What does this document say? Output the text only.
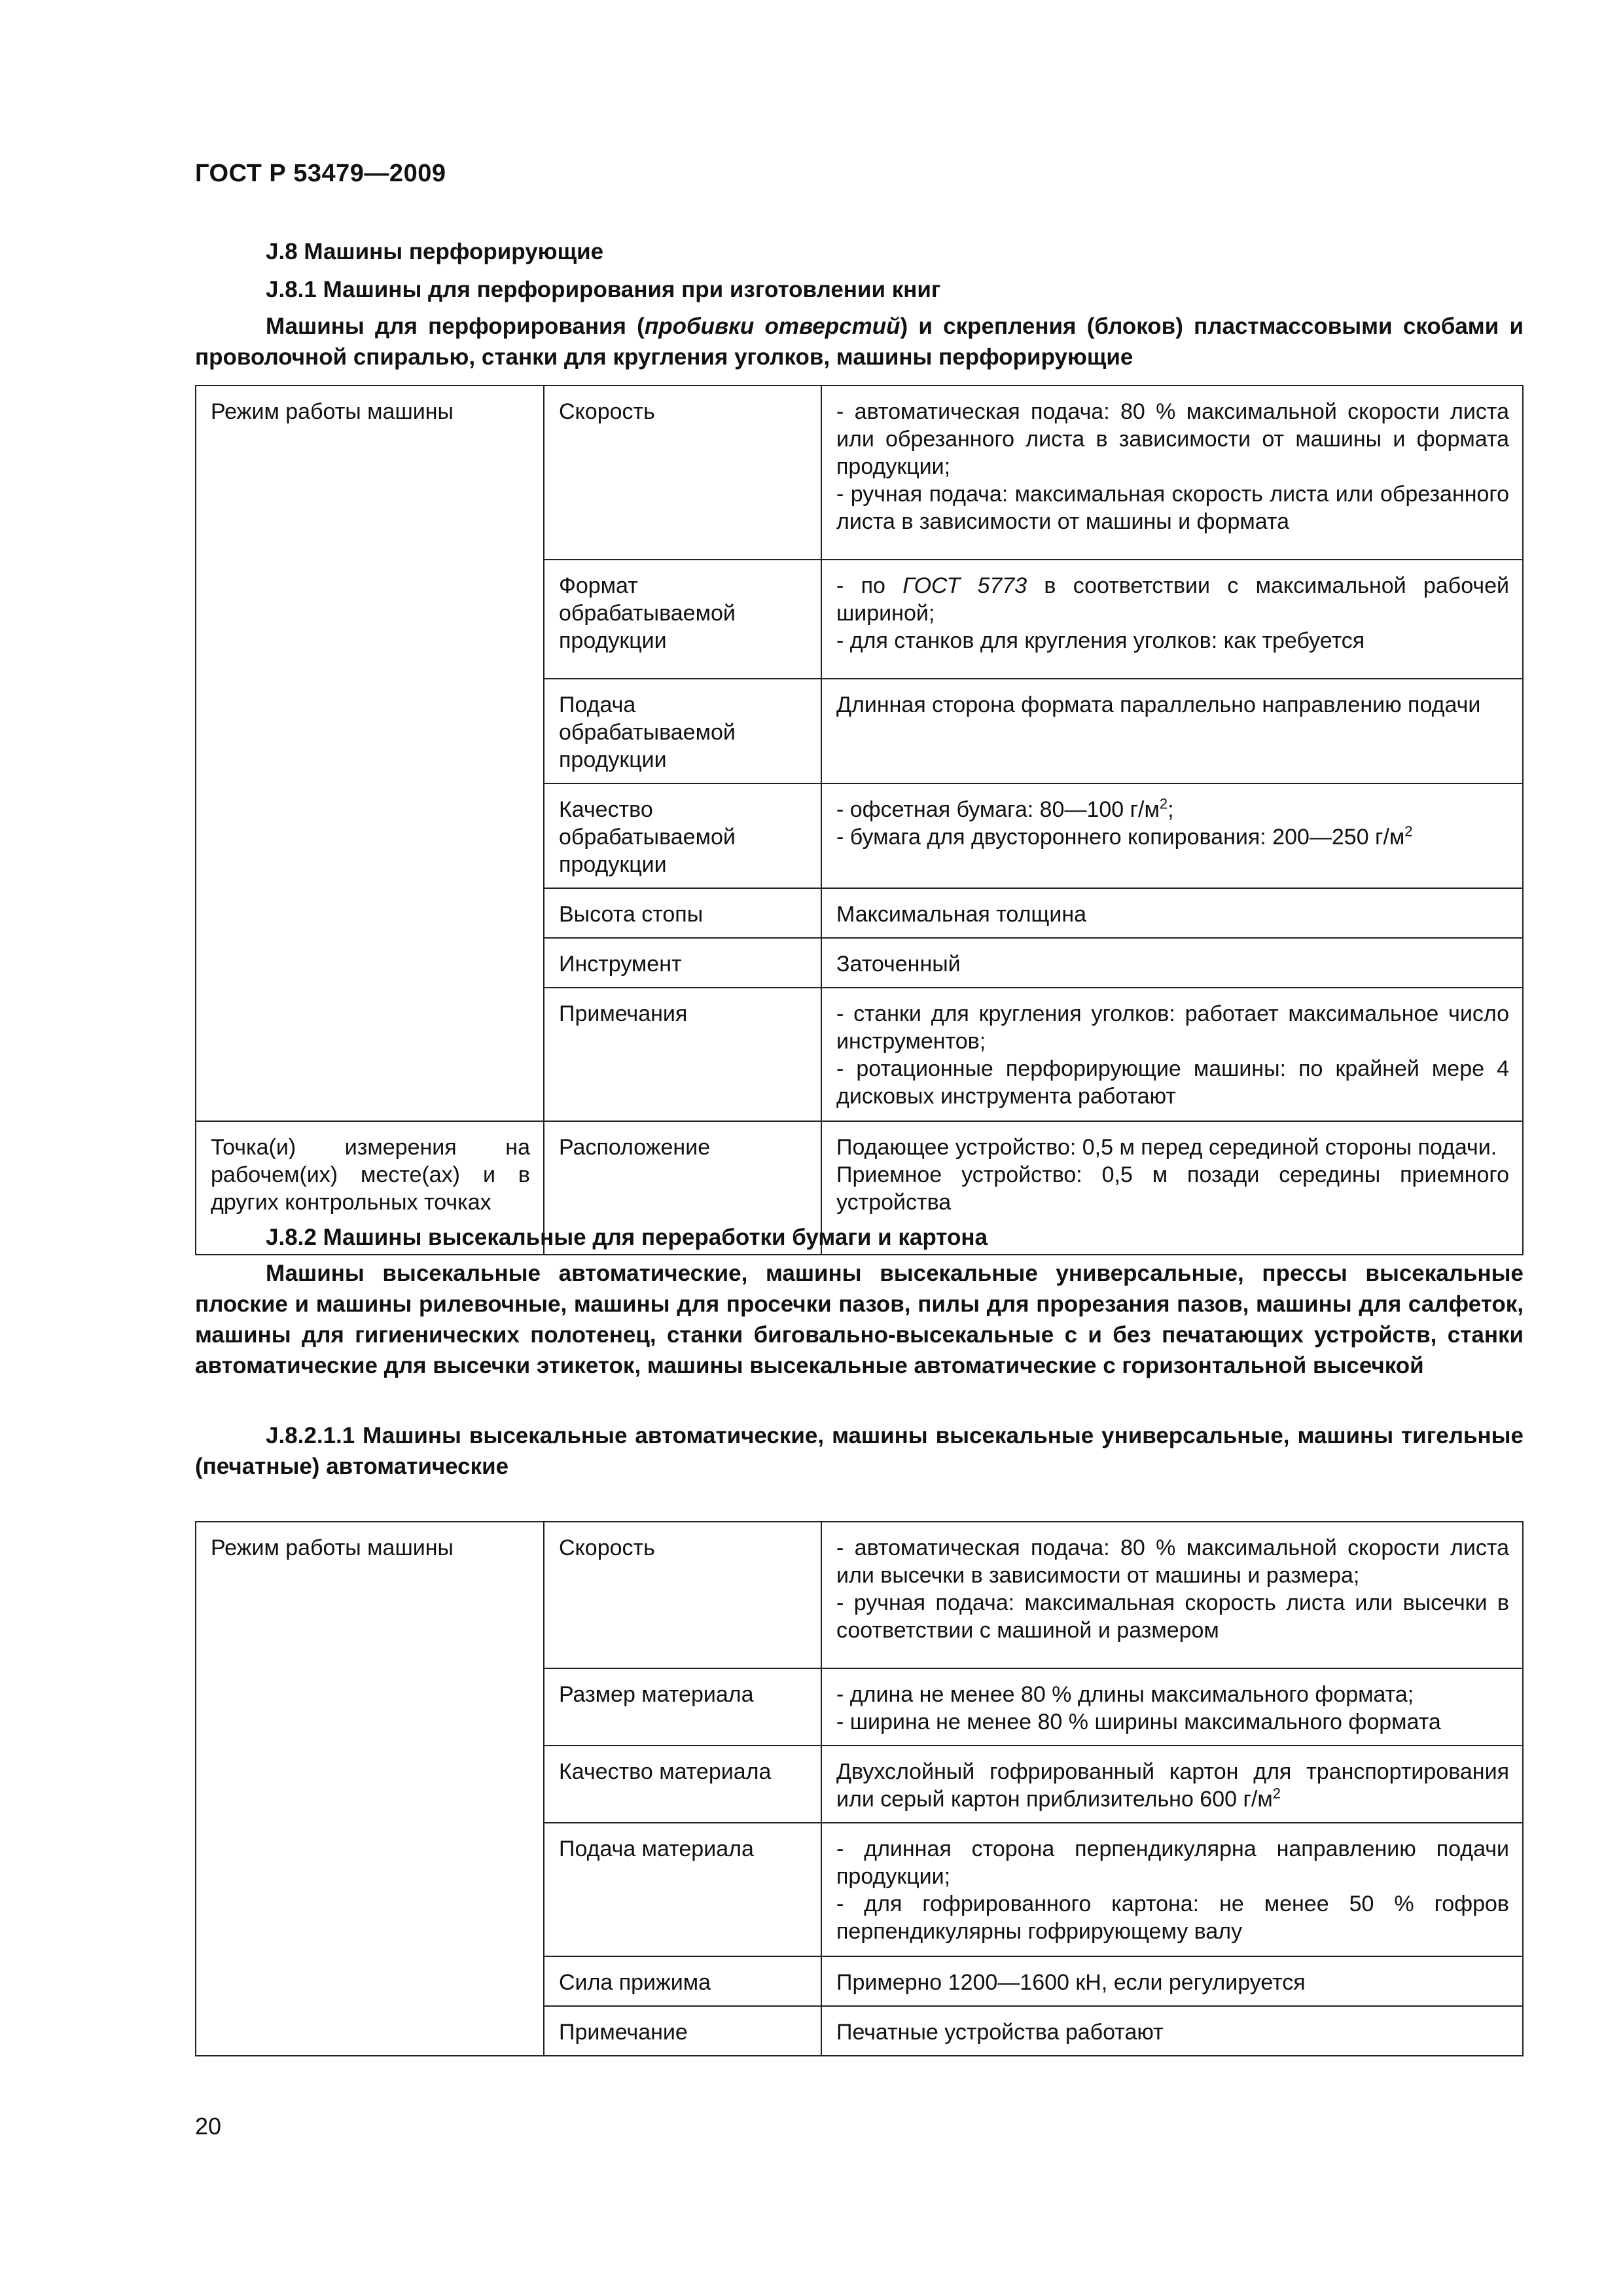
ГОСТ Р 53479—2009
J.8 Машины перфорирующие
J.8.1 Машины для перфорирования при изготовлении книг
Машины для перфорирования (пробивки отверстий) и скрепления (блоков) пластмассовыми скобами и проволочной спиралью, станки для кругления уголков, машины перфорирующие
Режим работы машины	Скорость	- автоматическая подача: 80 % максимальной скорости листа или обрезанного листа в зависимости от машины и формата продукции;
- ручная подача: максимальная скорость листа или обрезанного листа в зависимости от машины и формата

	Формат обрабатываемой продукции	- по ГОСТ 5773 в соответствии с максимальной рабочей шириной;
- для станков для кругления уголков: как требуется

	Подача обрабатываемой продукции	Длинная сторона формата параллельно направлению подачи

	Качество обрабатываемой продукции	- офсетная бумага: 80—100 $г/м^2$;
- бумага для двустороннего копирования: 200—250 $г/м^2$

	Высота стопы	Максимальная толщина
	Инструмент	Заточенный
	Примечания	- станки для кругления уголков: работает максимальное число инструментов;
- ротационные перфорирующие машины: по крайней мере 4 дисковых инструмента работают

Точка(и) измерения на рабочем(их) месте(ах) и в других контрольных точках	Расположение	Подающее устройство: 0,5 м перед серединой стороны подачи.
Приемное устройство: 0,5 м позади середины приемного устройства
J.8.2 Машины высекальные для переработки бумаги и картона
Машины высекальные автоматические, машины высекальные универсальные, прессы высекальные плоские и машины рилевочные, машины для просечки пазов, пилы для прорезания пазов, машины для салфеток, машины для гигиенических полотенец, станки биговально-высекальные с и без печатающих устройств, станки автоматические для высечки этикеток, машины высекальные автоматические с горизонтальной высечкой
J.8.2.1.1 Машины высекальные автоматические, машины высекальные универсальные, машины тигельные (печатные) автоматические
Режим работы машины	Скорость	- автоматическая подача: 80 % максимальной скорости листа или высечки в зависимости от машины и размера;
- ручная подача: максимальная скорость листа или высечки в соответствии с машиной и размером

	Размер материала	- длина не менее 80 % длины максимального формата;
- ширина не менее 80 % ширины максимального формата

	Качество материала	Двухслойный гофрированный картон для транспортирования или серый картон приблизительно 600 $г/м^2$

	Подача материала	- длинная сторона перпендикулярна направлению подачи продукции;
- для гофрированного картона: не менее 50 % гофров перпендикулярны гофрирующему валу

	Сила прижима	Примерно 1200—1600 кН, если регулируется
	Примечание	Печатные устройства работают
20
